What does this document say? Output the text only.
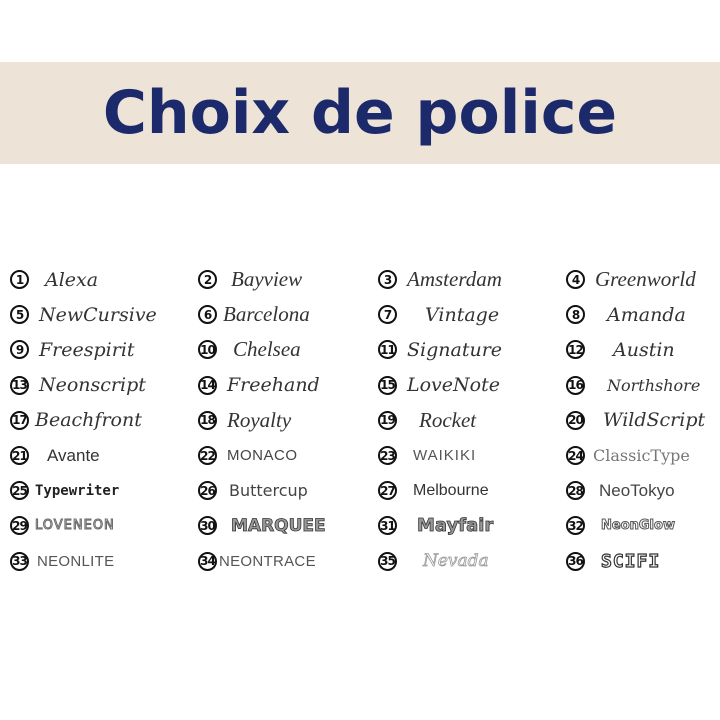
Choix de police
1	Alexa	2 Bayview	3 Amsterdam	4 Greenworld
5 NewCursive	6 Barcelona	7	Vintage	8	Amanda
9 Freespirit	10 Chelsea	11 Signature	12 Austin
13 Neonscript	14 Freehand	15 LoveNote	16 Northshore
17 Beachfront	18 Royalty	19 Rocket	20 WildScript
21 Avante	22 MONACO	23 WAIKIKI	24 ClassicType
25 Typewriter	26 Buttercup	27 Melbourne	28 NeoTokyo
29 LOVENEON	30 MARQUEE	31 Mayfair	32 NeonGlow
33 NEONLITE	34 NEONTRACE	35 Nevada	36 SCIFI
